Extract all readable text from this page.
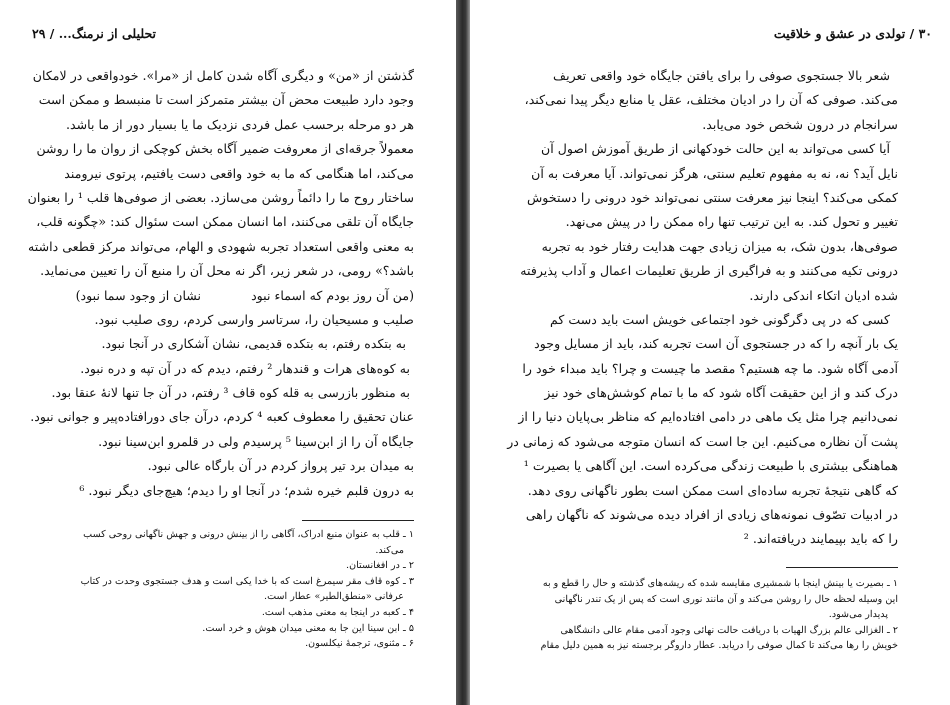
تحلیلی از نرمنگ... / ۲۹
گذشتن از «من» و دیگری آگاه شدن کامل از «مرا». خودواقعی در لامکان
وجود دارد طبیعت محض آن بیشتر متمرکز است تا منبسط و ممکن است
هر دو مرحله برحسب عمل فردی نزدیک ما یا بسیار دور از ما باشد.
معمولاً جرقه‌ای از معروفت ضمیر آگاه بخش کوچکی از روان ما را روشن
می‌کند، اما هنگامی که ما به خود واقعی دست یافتیم، پرتوی نیرومند
ساختار روح ما را دائماً روشن می‌سازد. بعضی از صوفی‌ها قلب ¹ را بعنوان
جایگاه آن تلقی می‌کنند، اما انسان ممکن است سئوال کند: «چگونه قلب،
به معنی واقعی استعداد تجربه شهودی و الهام، می‌تواند مرکز قطعی داشته
باشد؟» رومی، در شعر زیر، اگر نه محل آن را منبع آن را تعیین می‌نماید.
(من آن روز بودم که اسماء نبود  نشان از وجود سما نبود)
صلیب و مسیحیان را، سرتاسر وارسی کردم، روی صلیب نبود.
به بتکده رفتم، به بتکده قدیمی، نشان آشکاری در آنجا نبود.
به کوه‌های هرات و قندهار ² رفتم، دیدم که در آن تپه و دره نبود.
به منظور بازرسی به قله کوه قاف ³ رفتم، در آن جا تنها لانهٔ عنقا بود.
عنان تحقیق را معطوف کعبه ⁴ کردم، درآن جای دورافتاده‌پیر و جوانی نبود.
جایگاه آن را از ابن‌سینا ⁵ پرسیدم ولی در قلمرو ابن‌سینا نبود.
به میدان برد تیر پرواز کردم در آن بارگاه عالی نبود.
به درون قلبم خیره شدم؛ در آنجا او را دیدم؛ هیچ‌جای دیگر نبود. ⁶
۱ ـ قلب به عنوان منبع ادراک، آگاهی را از بینش درونی و جهش ناگهانی روحی کسب
می‌کند.
۲ ـ در افغانستان.
۳ ـ کوه قاف مقر سیمرغ است که با خدا یکی است و هدف جستجوی وحدت در کتاب
عرفانی «منطق‌الطیر» عطار است.
۴ ـ کعبه در اینجا به معنی مذهب است.
۵ ـ ابن سینا این جا به معنی میدان هوش و خرد است.
۶ ـ مثنوی، ترجمهٔ نیکلسون.
۳۰ / تولدی در عشق و خلاقیت
شعر بالا جستجوی صوفی را برای یافتن جایگاه خود واقعی تعریف
می‌کند. صوفی که آن را در ادیان مختلف، عقل یا منابع دیگر پیدا نمی‌کند،
سرانجام در درون شخص خود می‌یابد.
آیا کسی می‌تواند به این حالت خودکهانی از طریق آموزش اصول آن
نایل آید؟ نه، نه به مفهوم تعلیم سنتی، هرگز نمی‌تواند. آیا معرفت به آن
کمکی می‌کند؟ اینجا نیز معرفت سنتی نمی‌تواند خود درونی را دستخوش
تغییر و تحول کند. به این ترتیب تنها راه ممکن را در پیش می‌نهد.
صوفی‌ها، بدون شک، به میزان زیادی جهت هدایت رفتار خود به تجربه
درونی تکیه می‌کنند و به فراگیری از طریق تعلیمات اعمال و آداب پذیرفته
شده ادیان اتکاء اندکی دارند.
کسی که در پی دگرگونی خود اجتماعی خویش است باید دست کم
یک بار آنچه را که در جستجوی آن است تجربه کند، باید از مسایل وجود
آدمی آگاه شود. ما چه هستیم؟ مقصد ما چیست و چرا؟ باید مبداء خود را
درک کند و از این حقیقت آگاه شود که ما با تمام کوشش‌های خود نیز
نمی‌دانیم چرا مثل یک ماهی در دامی افتاده‌ایم که مناظر بی‌پایان دنیا را از
پشت آن نظاره می‌کنیم. این جا است که انسان متوجه می‌شود که زمانی در
هماهنگی بیشتری با طبیعت زندگی می‌کرده است. این آگاهی یا بصیرت ¹
که گاهی نتیجهٔ تجربه ساده‌ای است ممکن است بطور ناگهانی روی دهد.
در ادبیات تصّوف نمونه‌های زیادی از افراد دیده می‌شوند که ناگهان راهی
را که باید بپیمایند دریافته‌اند. ²
۱ ـ بصیرت یا بینش اینجا با شمشیری مقایسه شده که ریشه‌های گذشته و حال را قطع و به
این وسیله لحظه حال را روشن می‌کند و آن مانند نوری است که پس از یک تندر ناگهانی
پدیدار می‌شود.
۲ ـ الغزالی عالم بزرگ الهیات با دریافت حالت نهائی وجود آدمی مقام عالی دانشگاهی
خویش را رها می‌کند تا کمال صوفی را دریابد. عطار داروگر برجسته نیز به همین دلیل مقام
